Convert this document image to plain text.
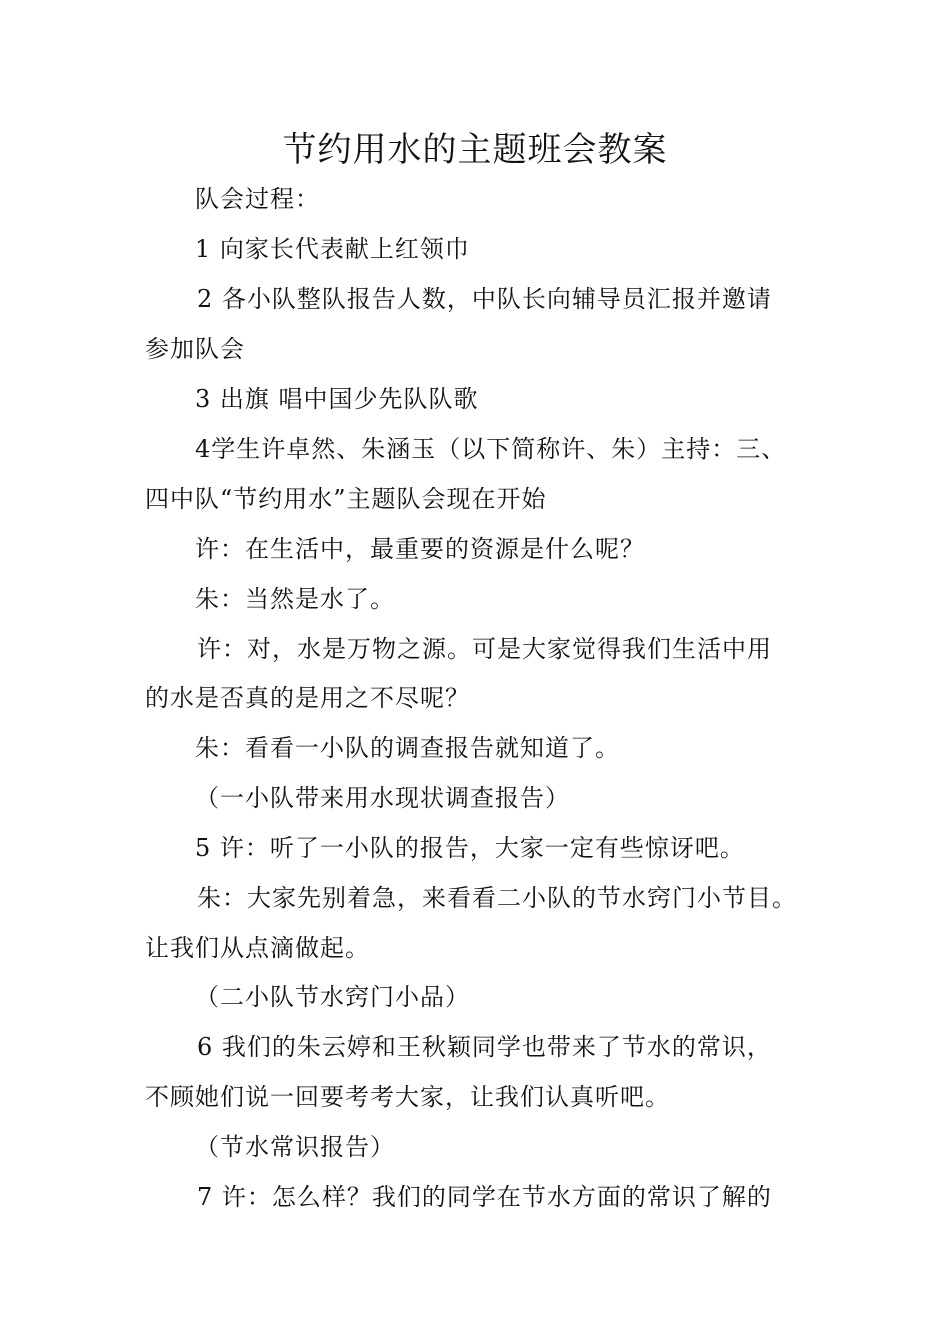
节约用水的主题班会教案
队会过程：
1 向家长代表献上红领巾
2 各小队整队报告人数，中队长向辅导员汇报并邀请
参加队会
3 出旗 唱中国少先队队歌
4学生许卓然、朱涵玉（以下简称许、朱）主持：三、
四中队“节约用水”主题队会现在开始
许：在生活中，最重要的资源是什么呢？
朱：当然是水了。
许：对，水是万物之源。可是大家觉得我们生活中用
的水是否真的是用之不尽呢？
朱：看看一小队的调查报告就知道了。
（一小队带来用水现状调查报告）
5 许：听了一小队的报告，大家一定有些惊讶吧。
朱：大家先别着急，来看看二小队的节水窍门小节目。
让我们从点滴做起。
（二小队节水窍门小品）
6 我们的朱云婷和王秋颖同学也带来了节水的常识，
不顾她们说一回要考考大家，让我们认真听吧。
（节水常识报告）
7 许：怎么样？我们的同学在节水方面的常识了解的
